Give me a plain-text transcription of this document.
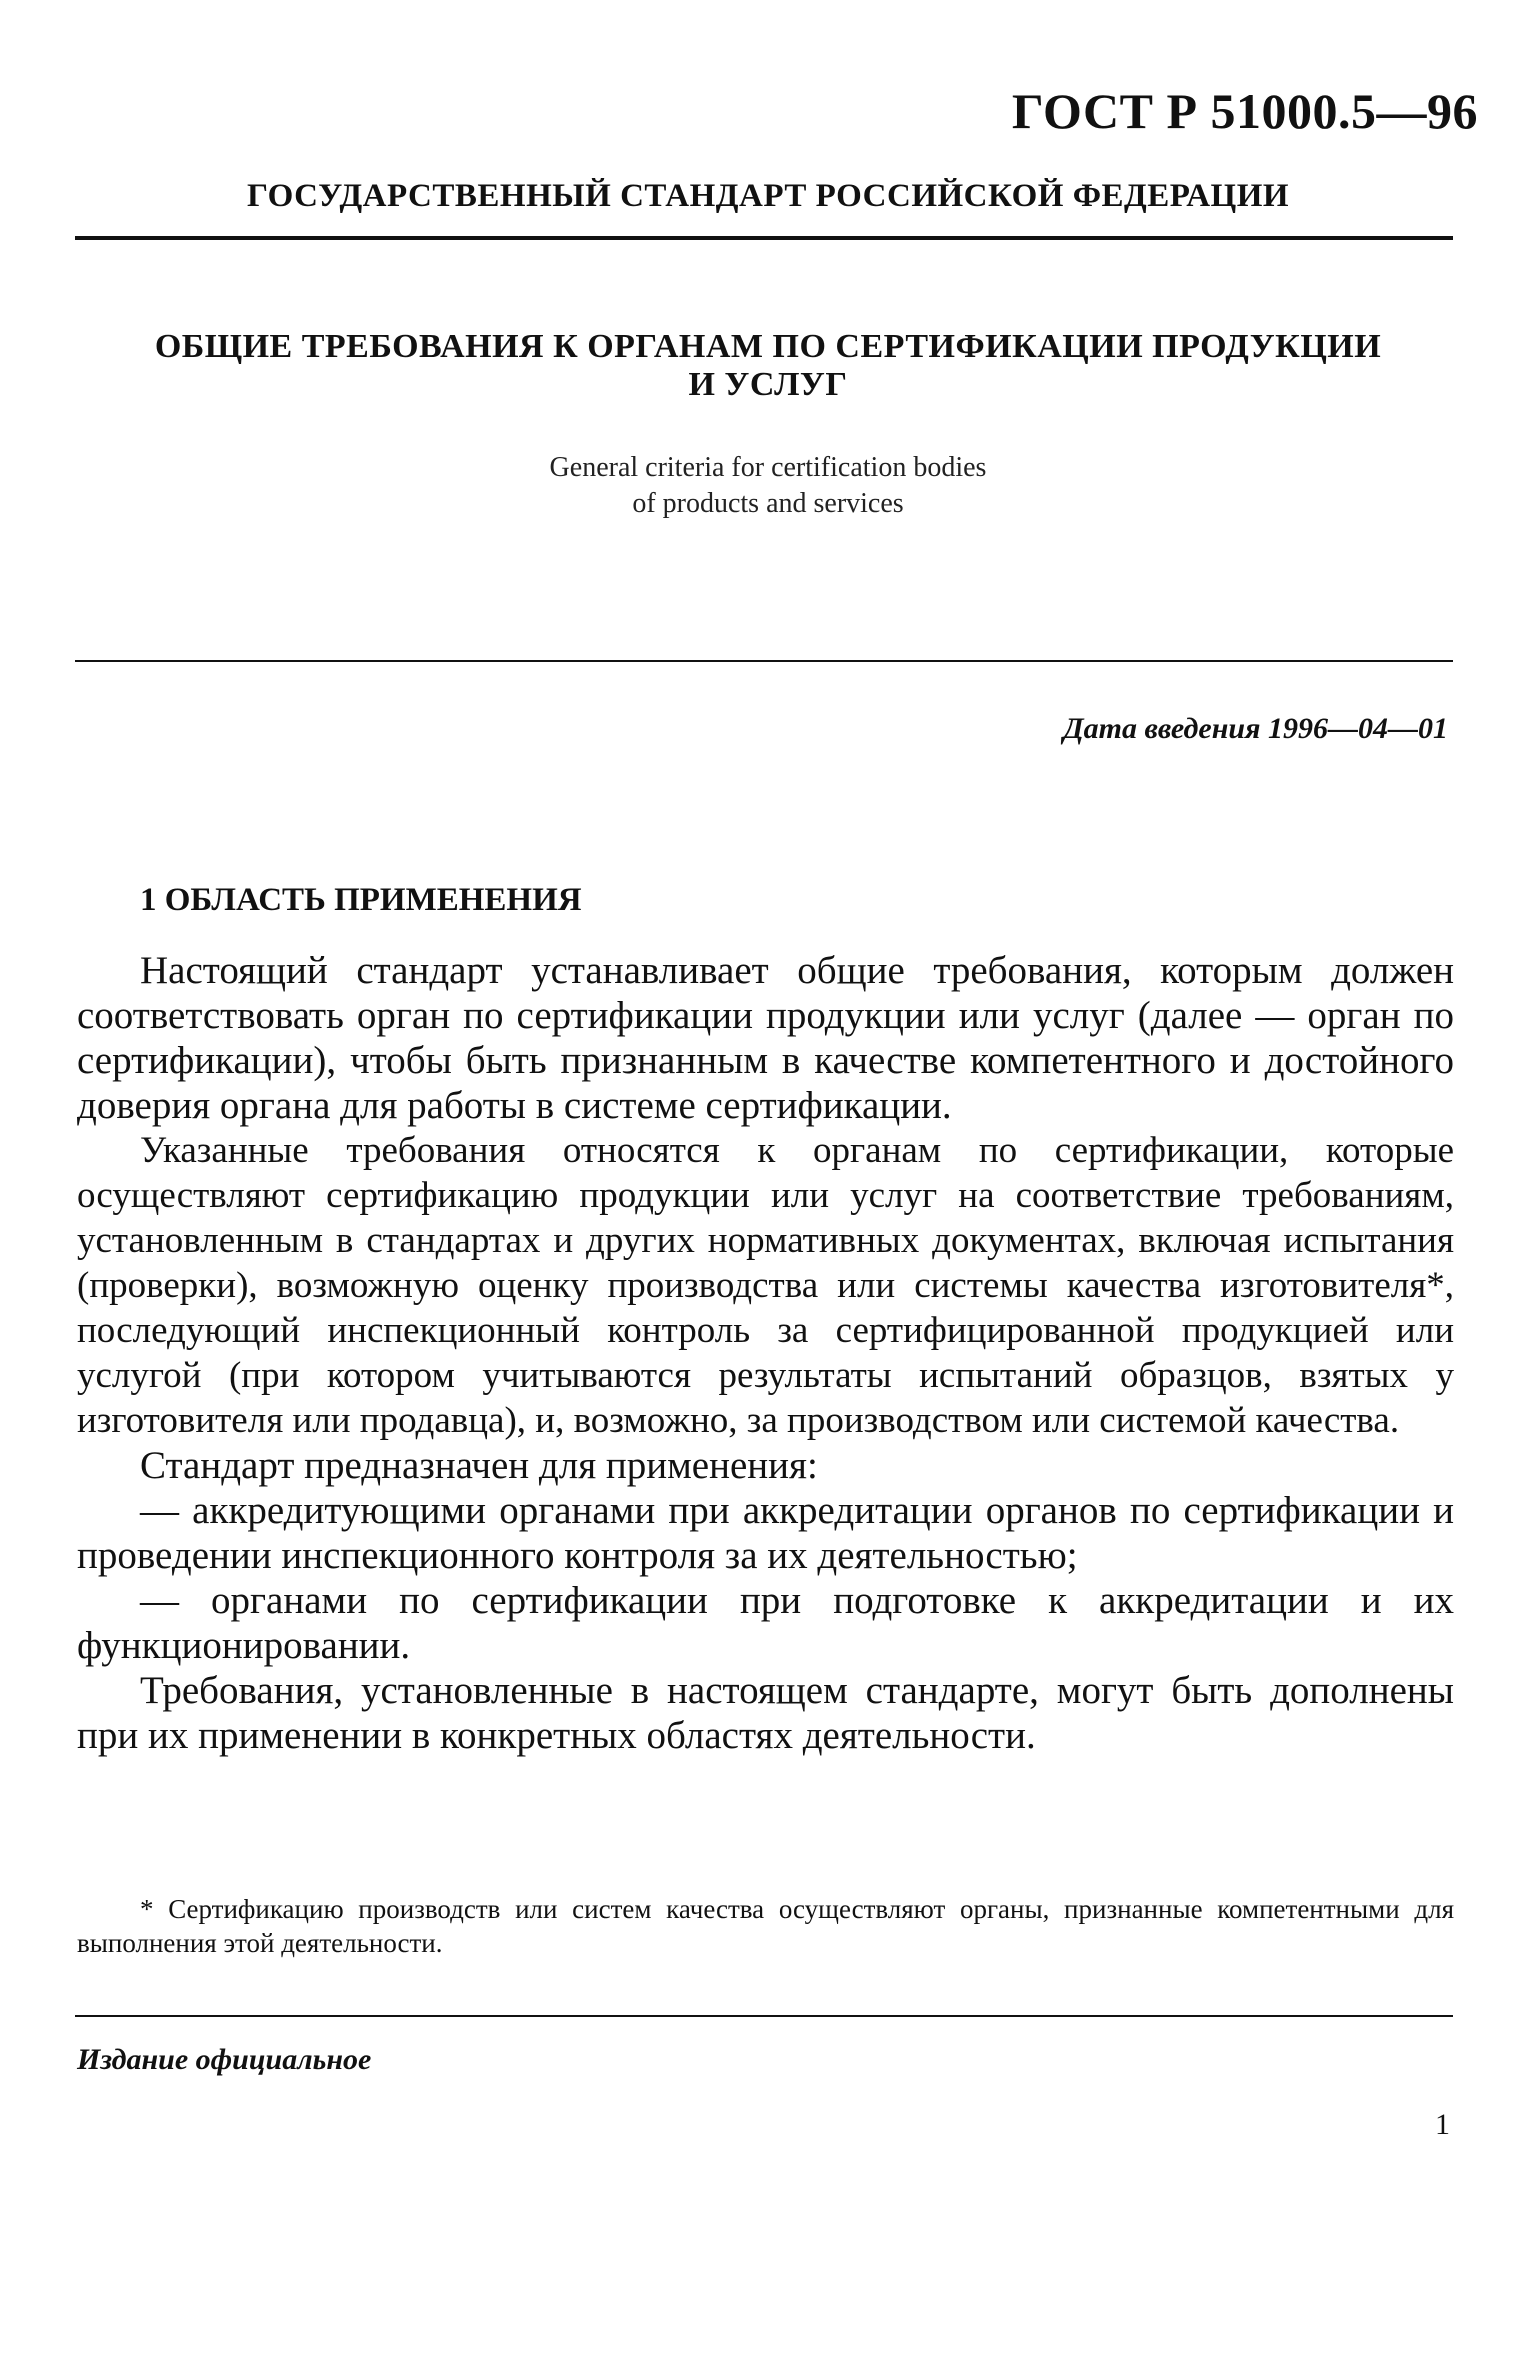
ГОСТ Р 51000.5—96
ГОСУДАРСТВЕННЫЙ СТАНДАРТ РОССИЙСКОЙ ФЕДЕРАЦИИ
ОБЩИЕ ТРЕБОВАНИЯ К ОРГАНАМ ПО СЕРТИФИКАЦИИ ПРОДУКЦИИ
И УСЛУГ
General criteria for certification bodies
of products and services
Дата введения 1996—04—01
1 ОБЛАСТЬ ПРИМЕНЕНИЯ

Настоящий стандарт устанавливает общие требования, которым должен соответствовать орган по сертификации продукции или услуг (далее — орган по сертификации), чтобы быть признанным в качестве компетентного и достойного доверия органа для работы в системе сертификации.

Указанные требования относятся к органам по сертификации, которые осуществляют сертификацию продукции или услуг на соответствие требованиям, установленным в стандартах и других нормативных документах, включая испытания (проверки), возможную оценку производства или системы качества изготовителя*, последующий инспекционный контроль за сертифицированной продукцией или услугой (при котором учитываются результаты испытаний образцов, взятых у изготовителя или продавца), и, возможно, за производством или системой качества.

Стандарт предназначен для применения:

— аккредитующими органами при аккредитации органов по сертификации и проведении инспекционного контроля за их деятельностью;

— органами по сертификации при подготовке к аккредитации и их функционировании.

Требования, установленные в настоящем стандарте, могут быть дополнены при их применении в конкретных областях деятельности.

* Сертификацию производств или систем качества осуществляют органы, признанные компетентными для выполнения этой деятельности.
Издание официальное
1
